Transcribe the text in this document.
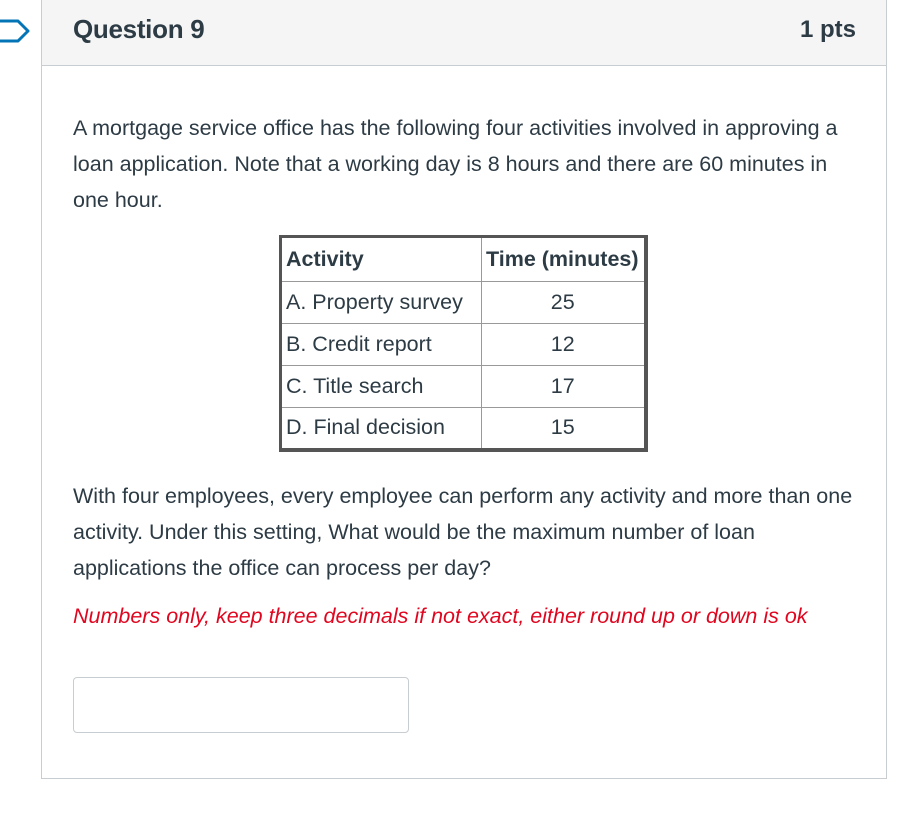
Question 9	1 pts

A mortgage service office has the following four activities involved in approving a loan application. Note that a working day is 8 hours and there are 60 minutes in one hour.

Activity	Time (minutes)
A. Property survey	25
B. Credit report	12
C. Title search	17
D. Final decision	15

With four employees, every employee can perform any activity and more than one activity. Under this setting, What would be the maximum number of loan applications the office can process per day?

Numbers only, keep three decimals if not exact, either round up or down is ok
